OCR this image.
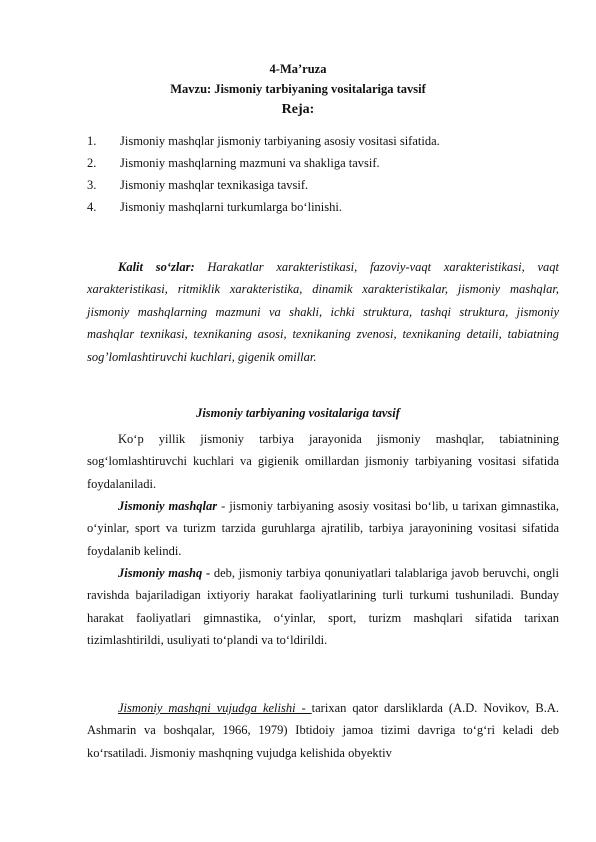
4-Ma’ruza
Mavzu: Jismoniy tarbiyaning vositalariga tavsif
Reja:
1.	Jismoniy mashqlar jismoniy tarbiyaning asosiy vositasi sifatida.
2.	Jismoniy mashqlarning mazmuni va shakliga tavsif.
3.	Jismoniy mashqlar texnikasiga tavsif.
4.	Jismoniy mashqlarni turkumlarga bo‘linishi.

Kalit so‘zlar: Harakatlar xarakteristikasi, fazoviy-vaqt xarakteristikasi, vaqt xarakteristikasi, ritmiklik xarakteristika, dinamik xarakteristikalar, jismoniy mashqlar, jismoniy mashqlarning mazmuni va shakli, ichki struktura, tashqi struktura, jismoniy mashqlar texnikasi, texnikaning asosi, texnikaning zvenosi, texnikaning detaili, tabiatning sog’lomlashtiruvchi kuchlari, gigenik omillar.

Jismoniy tarbiyaning vositalariga tavsif

Ko‘p yillik jismoniy tarbiya jarayonida jismoniy mashqlar, tabiatnining sog‘lomlashtiruvchi kuchlari va gigienik omillardan jismoniy tarbiyaning vositasi sifatida foydalaniladi.

Jismoniy mashqlar - jismoniy tarbiyaning asosiy vositasi bo‘lib, u tarixan gimnastika, o‘yinlar, sport va turizm tarzida guruhlarga ajratilib, tarbiya jarayonining vositasi sifatida foydalanib kelindi.

Jismoniy mashq - deb, jismoniy tarbiya qonuniyatlari talablariga javob beruvchi, ongli ravishda bajariladigan ixtiyoriy harakat faoliyatlarining turli turkumi tushuniladi. Bunday harakat faoliyatlari gimnastika, o‘yinlar, sport, turizm mashqlari sifatida tarixan tizimlashtirildi, usuliyati to‘plandi va to‘ldirildi.

Jismoniy mashqni vujudga kelishi - tarixan qator darsliklarda (A.D. Novikov, B.A. Ashmarin va boshqalar, 1966, 1979) Ibtidoiy jamoa tizimi davriga to‘g‘ri keladi deb ko‘rsatiladi. Jismoniy mashqning vujudga kelishida obyektiv
